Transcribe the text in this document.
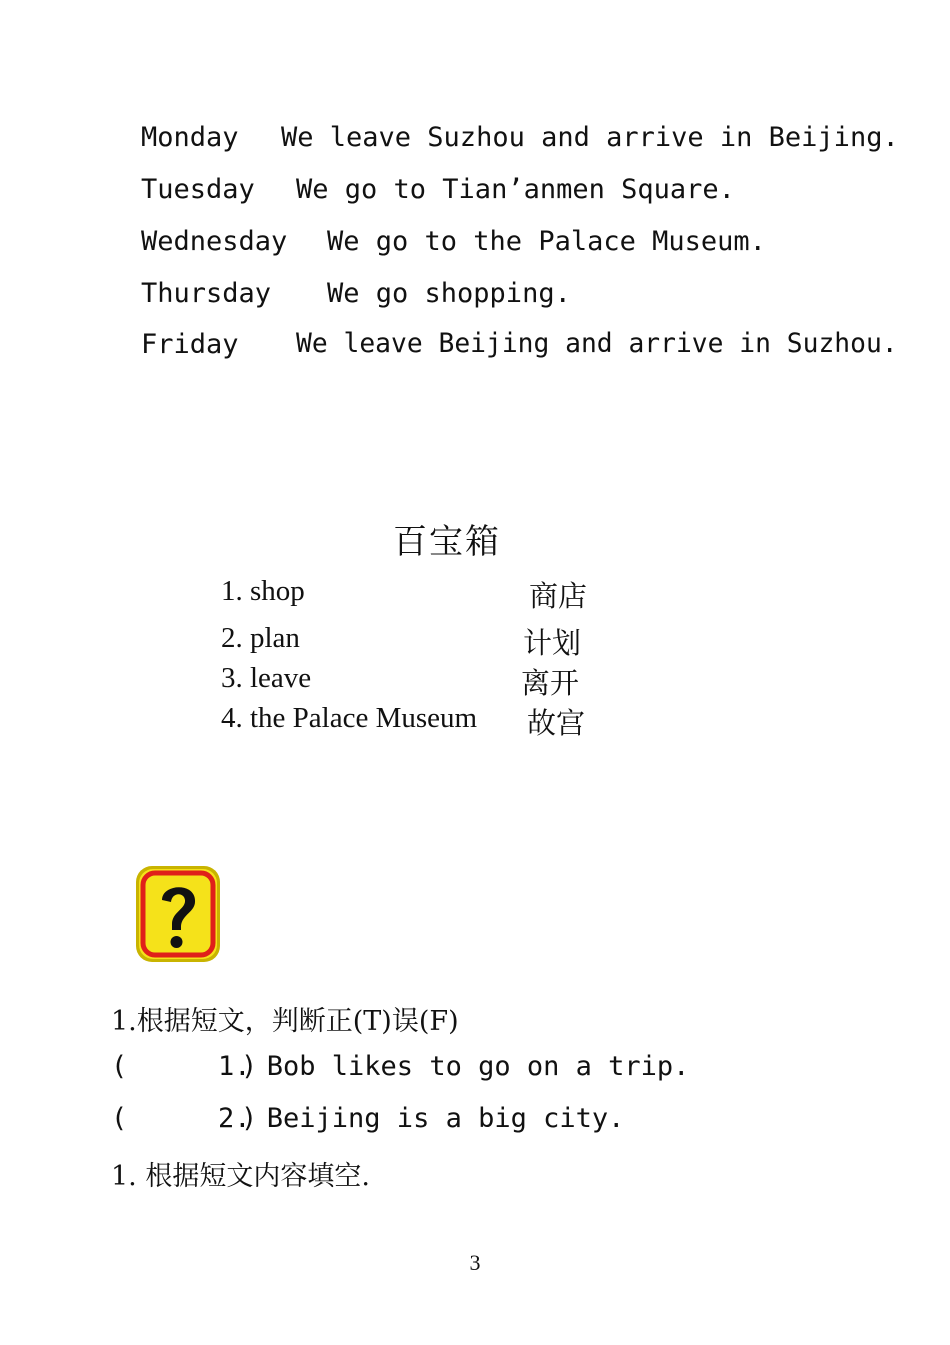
Monday We leave Suzhou and arrive in Beijing.
Tuesday We go to Tian’anmen Square.
Wednesday We go to the Palace Museum.
Thursday We go shopping.
Friday We leave Beijing and arrive in Suzhou.
百宝箱
1. shop	商店
2. plan	计划
3. leave	离开
4. the Palace Museum 故宫
1.根据短文，判断正(T)误(F)
(       )
1. Bob likes to go on a trip.
(       )
2. Beijing is a big city.
1. 根据短文内容填空.
3
